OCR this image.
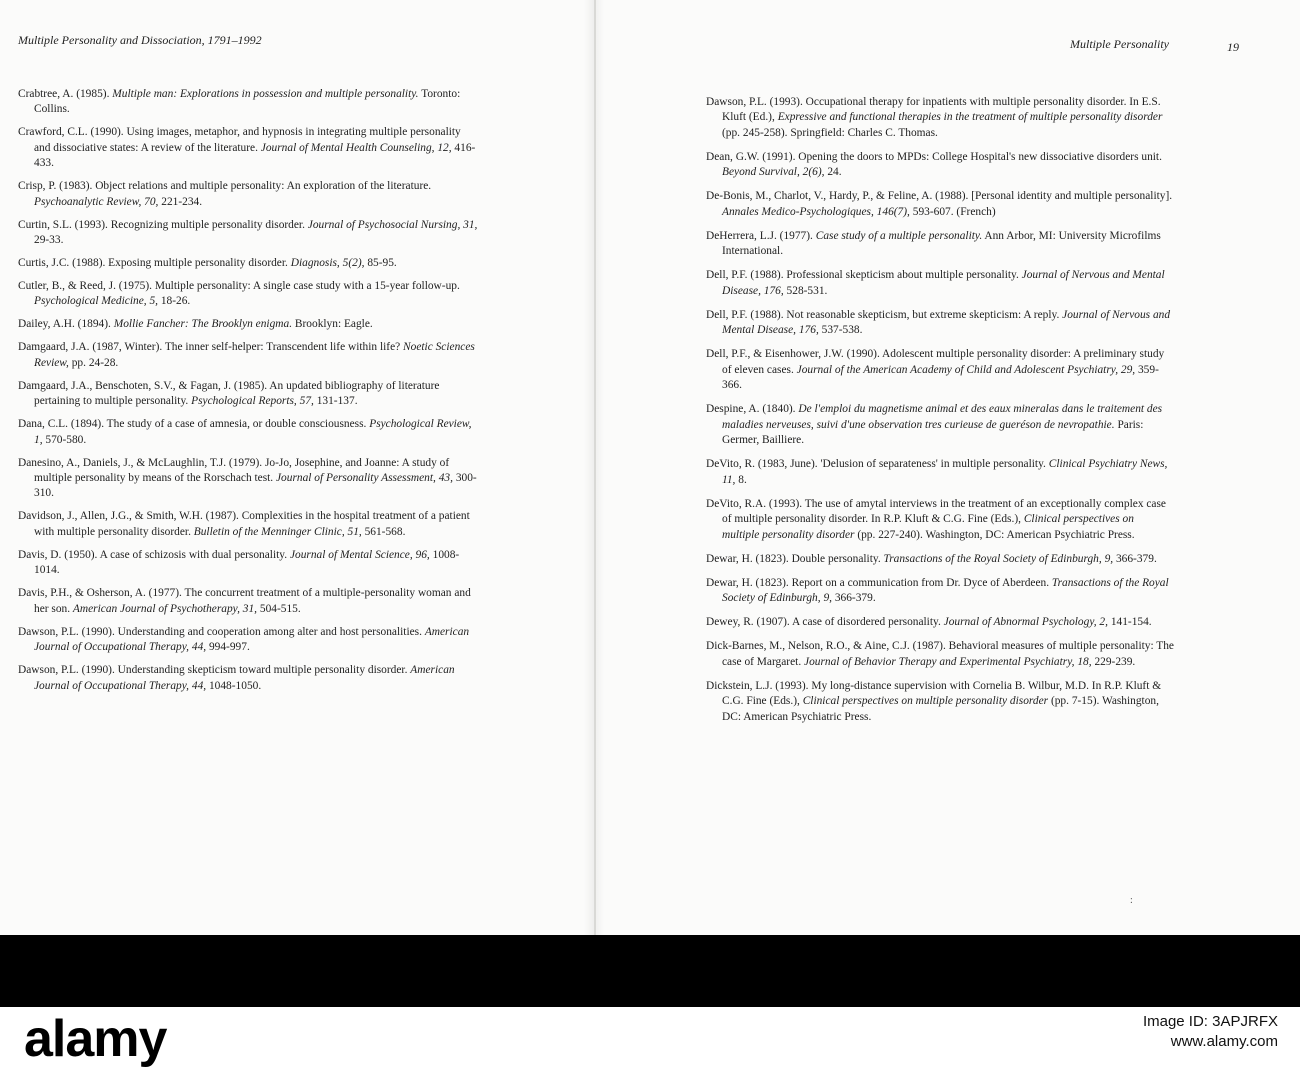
Multiple Personality and Dissociation, 1791–1992
Crabtree, A. (1985). Multiple man: Explorations in possession and multiple personality. Toronto: Collins.
Crawford, C.L. (1990). Using images, metaphor, and hypnosis in integrating multiple personality and dissociative states: A review of the literature. Journal of Mental Health Counseling, 12, 416-433.
Crisp, P. (1983). Object relations and multiple personality: An exploration of the literature. Psychoanalytic Review, 70, 221-234.
Curtin, S.L. (1993). Recognizing multiple personality disorder. Journal of Psychosocial Nursing, 31, 29-33.
Curtis, J.C. (1988). Exposing multiple personality disorder. Diagnosis, 5(2), 85-95.
Cutler, B., & Reed, J. (1975). Multiple personality: A single case study with a 15-year follow-up. Psychological Medicine, 5, 18-26.
Dailey, A.H. (1894). Mollie Fancher: The Brooklyn enigma. Brooklyn: Eagle.
Damgaard, J.A. (1987, Winter). The inner self-helper: Transcendent life within life? Noetic Sciences Review, pp. 24-28.
Damgaard, J.A., Benschoten, S.V., & Fagan, J. (1985). An updated bibliography of literature pertaining to multiple personality. Psychological Reports, 57, 131-137.
Dana, C.L. (1894). The study of a case of amnesia, or double consciousness. Psychological Review, 1, 570-580.
Danesino, A., Daniels, J., & McLaughlin, T.J. (1979). Jo-Jo, Josephine, and Joanne: A study of multiple personality by means of the Rorschach test. Journal of Personality Assessment, 43, 300-310.
Davidson, J., Allen, J.G., & Smith, W.H. (1987). Complexities in the hospital treatment of a patient with multiple personality disorder. Bulletin of the Menninger Clinic, 51, 561-568.
Davis, D. (1950). A case of schizosis with dual personality. Journal of Mental Science, 96, 1008-1014.
Davis, P.H., & Osherson, A. (1977). The concurrent treatment of a multiple-personality woman and her son. American Journal of Psychotherapy, 31, 504-515.
Dawson, P.L. (1990). Understanding and cooperation among alter and host personalities. American Journal of Occupational Therapy, 44, 994-997.
Dawson, P.L. (1990). Understanding skepticism toward multiple personality disorder. American Journal of Occupational Therapy, 44, 1048-1050.
Multiple Personality	19
Dawson, P.L. (1993). Occupational therapy for inpatients with multiple personality disorder. In E.S. Kluft (Ed.), Expressive and functional therapies in the treatment of multiple personality disorder (pp. 245-258). Springfield: Charles C. Thomas.
Dean, G.W. (1991). Opening the doors to MPDs: College Hospital's new dissociative disorders unit. Beyond Survival, 2(6), 24.
De-Bonis, M., Charlot, V., Hardy, P., & Feline, A. (1988). [Personal identity and multiple personality]. Annales Medico-Psychologiques, 146(7), 593-607. (French)
DeHerrera, L.J. (1977). Case study of a multiple personality. Ann Arbor, MI: University Microfilms International.
Dell, P.F. (1988). Professional skepticism about multiple personality. Journal of Nervous and Mental Disease, 176, 528-531.
Dell, P.F. (1988). Not reasonable skepticism, but extreme skepticism: A reply. Journal of Nervous and Mental Disease, 176, 537-538.
Dell, P.F., & Eisenhower, J.W. (1990). Adolescent multiple personality disorder: A preliminary study of eleven cases. Journal of the American Academy of Child and Adolescent Psychiatry, 29, 359-366.
Despine, A. (1840). De l'emploi du magnetisme animal et des eaux mineralas dans le traitement des maladies nerveuses, suivi d'une observation tres curieuse de gueréson de nevropathie. Paris: Germer, Bailliere.
DeVito, R. (1983, June). 'Delusion of separateness' in multiple personality. Clinical Psychiatry News, 11, 8.
DeVito, R.A. (1993). The use of amytal interviews in the treatment of an exceptionally complex case of multiple personality disorder. In R.P. Kluft & C.G. Fine (Eds.), Clinical perspectives on multiple personality disorder (pp. 227-240). Washington, DC: American Psychiatric Press.
Dewar, H. (1823). Double personality. Transactions of the Royal Society of Edinburgh, 9, 366-379.
Dewar, H. (1823). Report on a communication from Dr. Dyce of Aberdeen. Transactions of the Royal Society of Edinburgh, 9, 366-379.
Dewey, R. (1907). A case of disordered personality. Journal of Abnormal Psychology, 2, 141-154.
Dick-Barnes, M., Nelson, R.O., & Aine, C.J. (1987). Behavioral measures of multiple personality: The case of Margaret. Journal of Behavior Therapy and Experimental Psychiatry, 18, 229-239.
Dickstein, L.J. (1993). My long-distance supervision with Cornelia B. Wilbur, M.D. In R.P. Kluft & C.G. Fine (Eds.), Clinical perspectives on multiple personality disorder (pp. 7-15). Washington, DC: American Psychiatric Press.
:
alamy	Image ID: 3APJRFX
www.alamy.com
